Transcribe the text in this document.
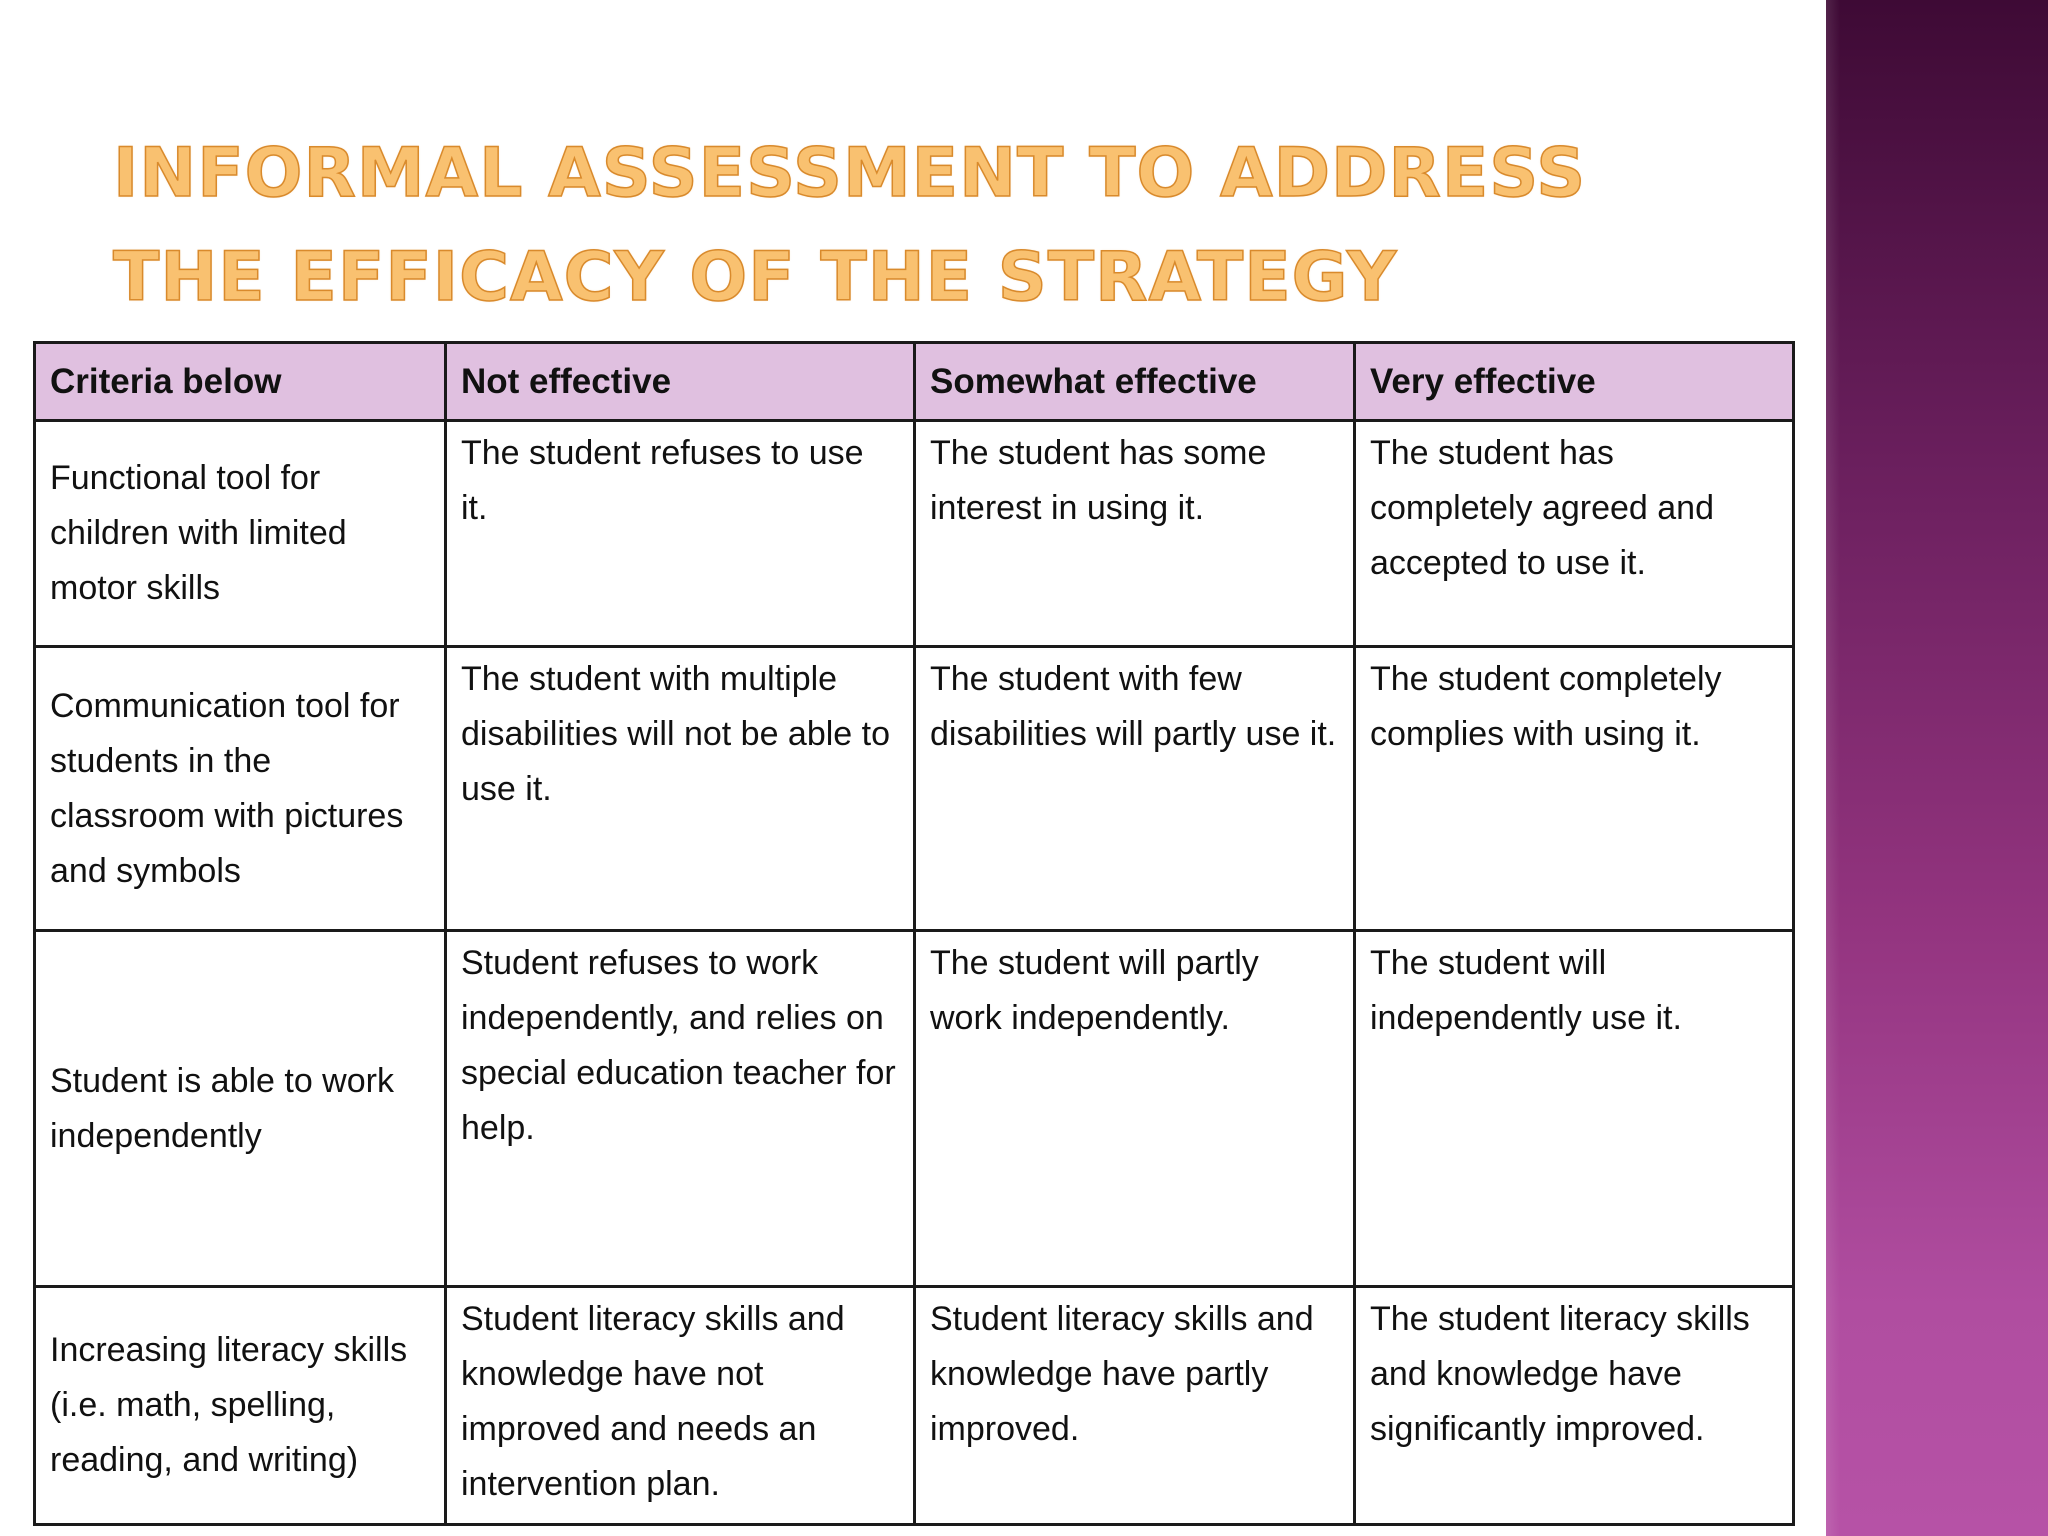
INFORMAL ASSESSMENT TO ADDRESS
THE EFFICACY OF THE STRATEGY
Criteria below	Not effective	Somewhat effective	Very effective
Functional tool for children with limited motor skills	The student refuses to use it.	The student has some interest in using it.	The student has completely agreed and accepted to use it.
Communication tool for students in the classroom with pictures and symbols	The student with multiple disabilities will not be able to use it.	The student with few disabilities will partly use it.	The student completely complies with using it.
Student is able to work independently	Student refuses to work independently, and relies on special education teacher for help.	The student will partly work independently.	The student will independently use it.
Increasing literacy skills (i.e. math, spelling, reading, and writing)	Student literacy skills and knowledge have not improved and needs an intervention plan.	Student literacy skills and knowledge have partly improved.	The student literacy skills and knowledge have significantly improved.
